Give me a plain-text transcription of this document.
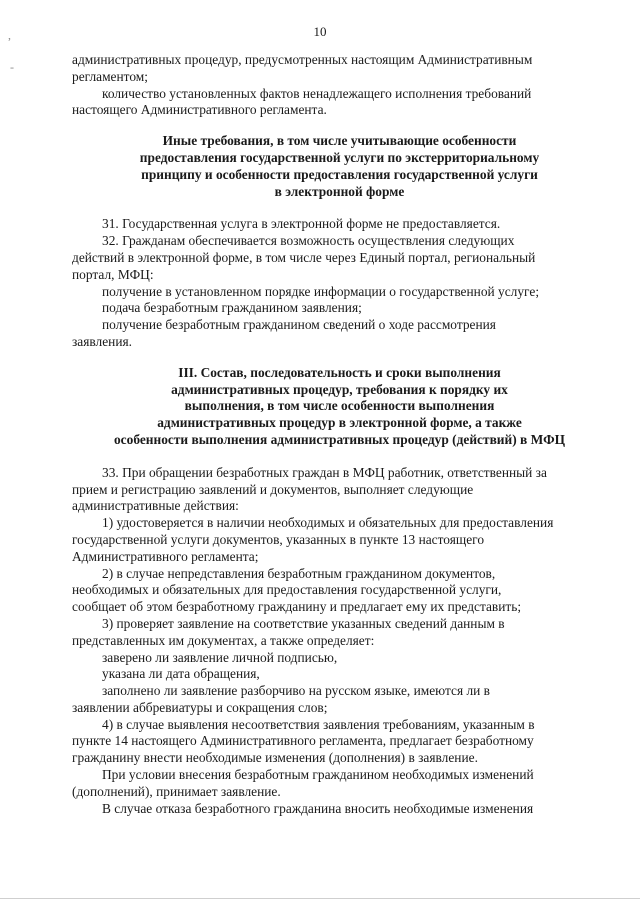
,
-
10

административных процедур, предусмотренных настоящим Административным
регламентом;

количество установленных фактов ненадлежащего исполнения требований
настоящего Административного регламента.

Иные требования, в том числе учитывающие особенности
предоставления государственной услуги по экстерриториальному
принципу и особенности предоставления государственной услуги
в электронной форме

31. Государственная услуга в электронной форме не предоставляется.

32. Гражданам обеспечивается возможность осуществления следующих
действий в электронной форме, в том числе через Единый портал, региональный
портал, МФЦ:

получение в установленном порядке информации о государственной услуге;

подача безработным гражданином заявления;

получение безработным гражданином сведений о ходе рассмотрения
заявления.

III. Состав, последовательность и сроки выполнения
административных процедур, требования к порядку их
выполнения, в том числе особенности выполнения
административных процедур в электронной форме, а также
особенности выполнения административных процедур (действий) в МФЦ

33. При обращении безработных граждан в МФЦ работник, ответственный за
прием и регистрацию заявлений и документов, выполняет следующие
административные действия:

1) удостоверяется в наличии необходимых и обязательных для предоставления
государственной услуги документов, указанных в пункте 13 настоящего
Административного регламента;

2) в случае непредставления безработным гражданином документов,
необходимых и обязательных для предоставления государственной услуги,
сообщает об этом безработному гражданину и предлагает ему их представить;

3) проверяет заявление на соответствие указанных сведений данным в
представленных им документах, а также определяет:

заверено ли заявление личной подписью,

указана ли дата обращения,

заполнено ли заявление разборчиво на русском языке, имеются ли в
заявлении аббревиатуры и сокращения слов;

4) в случае выявления несоответствия заявления требованиям, указанным в
пункте 14 настоящего Административного регламента, предлагает безработному
гражданину внести необходимые изменения (дополнения) в заявление.

При условии внесения безработным гражданином необходимых изменений
(дополнений), принимает заявление.

В случае отказа безработного гражданина вносить необходимые изменения
